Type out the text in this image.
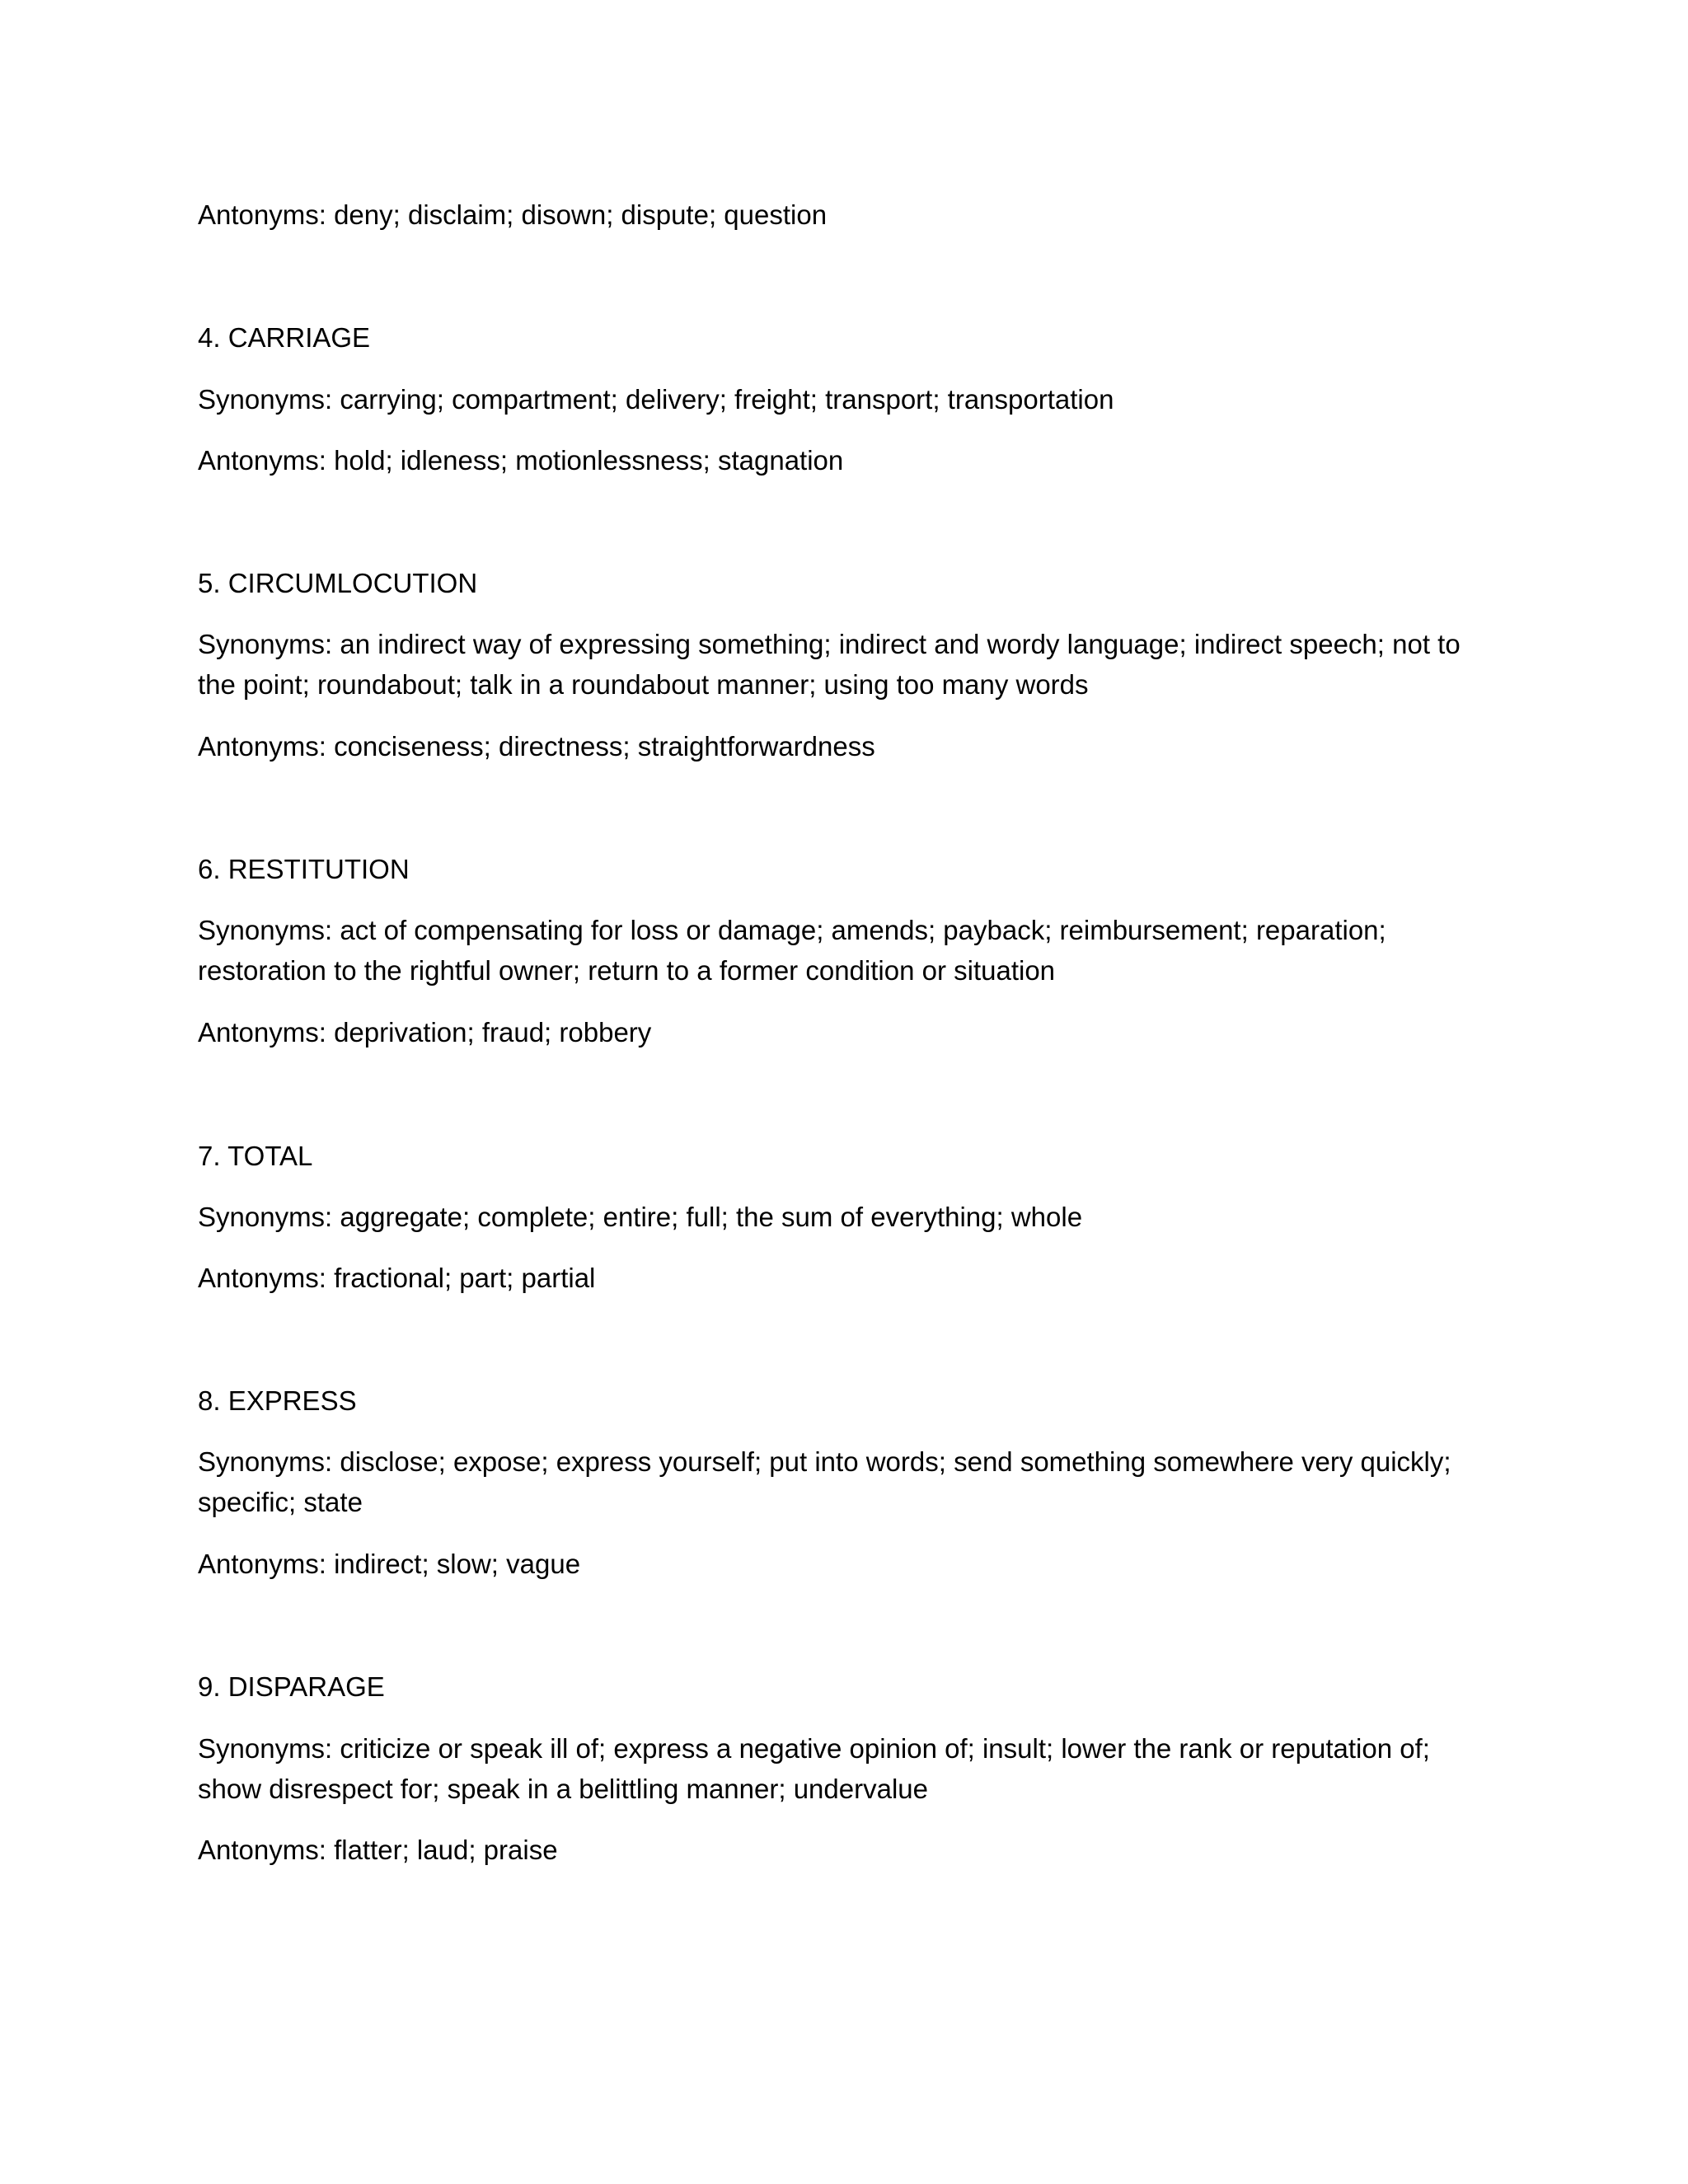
Antonyms: deny; disclaim; disown; dispute; question

4. CARRIAGE

Synonyms: carrying; compartment; delivery; freight; transport; transportation

Antonyms: hold; idleness; motionlessness; stagnation

5. CIRCUMLOCUTION

Synonyms: an indirect way of expressing something; indirect and wordy language; indirect speech; not to the point; roundabout; talk in a roundabout manner; using too many words

Antonyms: conciseness; directness; straightforwardness

6. RESTITUTION

Synonyms: act of compensating for loss or damage; amends; payback; reimbursement; reparation; restoration to the rightful owner; return to a former condition or situation

Antonyms: deprivation; fraud; robbery

7. TOTAL

Synonyms: aggregate; complete; entire; full; the sum of everything; whole

Antonyms: fractional; part; partial

8. EXPRESS

Synonyms: disclose; expose; express yourself; put into words; send something somewhere very quickly; specific; state

Antonyms: indirect; slow; vague

9. DISPARAGE

Synonyms: criticize or speak ill of; express a negative opinion of; insult; lower the rank or reputation of; show disrespect for; speak in a belittling manner; undervalue

Antonyms: flatter; laud; praise
